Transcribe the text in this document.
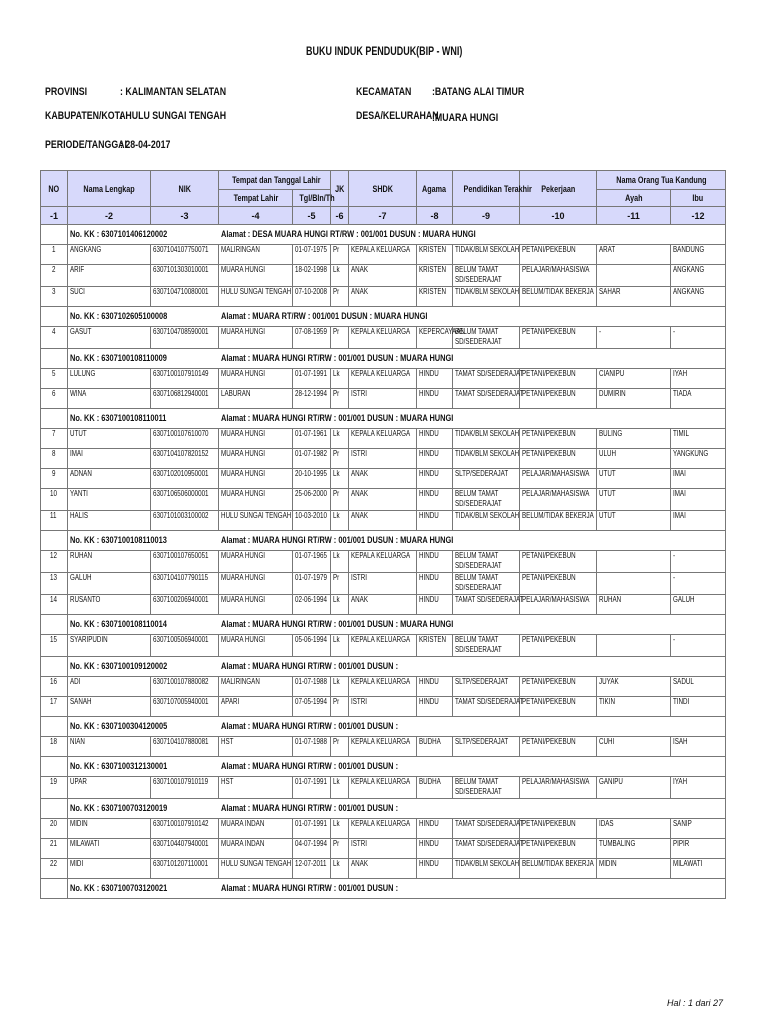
BUKU INDUK PENDUDUK(BIP - WNI)
PROVINSI	: KALIMANTAN SELATAN
KABUPATEN/KOTA
: HULU SUNGAI TENGAH
PERIODE/TANGGAL
: 28-04-2017
KECAMATAN	:BATANG ALAI TIMUR
DESA/KELURAHAN
:MUARA HUNGI
NO	Nama Lengkap	NIK	Tempat dan Tanggal Lahir		JK	SHDK	Agama	Pendidikan Terakhir	Pekerjaan	Nama Orang Tua Kandung	
			Tempat Lahir	Tgl/Bln/Th						Ayah	Ibu
-1	-2	-3	-4	-5	-6	-7	-8	-9	-10	-11	-12
	No. KK : 6307101406120002		Alamat : DESA MUARA HUNGI RT/RW : 001/001 DUSUN : MUARA HUNGI								
1	ANGKANG	6307104107750071	MALIRINGAN	01-07-1975	Pr	KEPALA KELUARGA	KRISTEN	TIDAK/BLM SEKOLAH	PETANI/PEKEBUN	ARAT	BANDUNG
2	ARIF	6307101303010001	MUARA HUNGI	18-02-1998	Lk	ANAK	KRISTEN	BELUM TAMAT SD/SEDERAJAT	PELAJAR/MAHASISWA		ANGKANG
3	SUCI	6307104710080001	HULU SUNGAI TENGAH	07-10-2008	Pr	ANAK	KRISTEN	TIDAK/BLM SEKOLAH	BELUM/TIDAK BEKERJA	SAHAR	ANGKANG
	No. KK : 6307102605100008		Alamat : MUARA RT/RW : 001/001 DUSUN : MUARA HUNGI								
4	GASUT	6307104708590001	MUARA HUNGI	07-08-1959	Pr	KEPALA KELUARGA	KEPERCAYAAN	BELUM TAMAT SD/SEDERAJAT	PETANI/PEKEBUN	-	-
	No. KK : 6307100108110009		Alamat : MUARA HUNGI RT/RW : 001/001 DUSUN : MUARA HUNGI								
5	LULUNG	6307100107910149	MUARA HUNGI	01-07-1991	Lk	KEPALA KELUARGA	HINDU	TAMAT SD/SEDERAJAT	PETANI/PEKEBUN	CIANIPU	IYAH
6	WINA	6307106812940001	LABURAN	28-12-1994	Pr	ISTRI	HINDU	TAMAT SD/SEDERAJAT	PETANI/PEKEBUN	DUMIRIN	TIADA
	No. KK : 6307100108110011		Alamat : MUARA HUNGI RT/RW : 001/001 DUSUN : MUARA HUNGI								
7	UTUT	6307100107610070	MUARA HUNGI	01-07-1961	Lk	KEPALA KELUARGA	HINDU	TIDAK/BLM SEKOLAH	PETANI/PEKEBUN	BULING	TIMIL
8	IMAI	6307104107820152	MUARA HUNGI	01-07-1982	Pr	ISTRI	HINDU	TIDAK/BLM SEKOLAH	PETANI/PEKEBUN	ULUH	YANGKUNG
9	ADNAN	6307102010950001	MUARA HUNGI	20-10-1995	Lk	ANAK	HINDU	SLTP/SEDERAJAT	PELAJAR/MAHASISWA	UTUT	IMAI
10	YANTI	6307106506000001	MUARA HUNGI	25-06-2000	Pr	ANAK	HINDU	BELUM TAMAT SD/SEDERAJAT	PELAJAR/MAHASISWA	UTUT	IMAI
11	HALIS	6307101003100002	HULU SUNGAI TENGAH	10-03-2010	Lk	ANAK	HINDU	TIDAK/BLM SEKOLAH	BELUM/TIDAK BEKERJA	UTUT	IMAI
	No. KK : 6307100108110013		Alamat : MUARA HUNGI RT/RW : 001/001 DUSUN : MUARA HUNGI								
12	RUHAN	6307100107650051	MUARA HUNGI	01-07-1965	Lk	KEPALA KELUARGA	HINDU	BELUM TAMAT SD/SEDERAJAT	PETANI/PEKEBUN		-
13	GALUH	6307104107790115	MUARA HUNGI	01-07-1979	Pr	ISTRI	HINDU	BELUM TAMAT SD/SEDERAJAT	PETANI/PEKEBUN		-
14	RUSANTO	6307100206940001	MUARA HUNGI	02-06-1994	Lk	ANAK	HINDU	TAMAT SD/SEDERAJAT	PELAJAR/MAHASISWA	RUHAN	GALUH
	No. KK : 6307100108110014		Alamat : MUARA HUNGI RT/RW : 001/001 DUSUN : MUARA HUNGI								
15	SYARIPUDIN	6307100506940001	MUARA HUNGI	05-06-1994	Lk	KEPALA KELUARGA	KRISTEN	BELUM TAMAT SD/SEDERAJAT	PETANI/PEKEBUN		-
	No. KK : 6307100109120002		Alamat : MUARA HUNGI RT/RW : 001/001 DUSUN :								
16	ADI	6307100107880082	MALIRINGAN	01-07-1988	Lk	KEPALA KELUARGA	HINDU	SLTP/SEDERAJAT	PETANI/PEKEBUN	JUYAK	SADUL
17	SANAH	6307107005940001	APARI	07-05-1994	Pr	ISTRI	HINDU	TAMAT SD/SEDERAJAT	PETANI/PEKEBUN	TIKIN	TINDI
	No. KK : 6307100304120005		Alamat : MUARA HUNGI RT/RW : 001/001 DUSUN :								
18	NIAN	6307104107880081	HST	01-07-1988	Pr	KEPALA KELUARGA	BUDHA	SLTP/SEDERAJAT	PETANI/PEKEBUN	CUHI	ISAH
	No. KK : 6307100312130001		Alamat : MUARA HUNGI RT/RW : 001/001 DUSUN :								
19	UPAR	6307100107910119	HST	01-07-1991	Lk	KEPALA KELUARGA	BUDHA	BELUM TAMAT SD/SEDERAJAT	PELAJAR/MAHASISWA	GANIPU	IYAH
	No. KK : 6307100703120019		Alamat : MUARA HUNGI RT/RW : 001/001 DUSUN :								
20	MIDIN	6307100107910142	MUARA INDAN	01-07-1991	Lk	KEPALA KELUARGA	HINDU	TAMAT SD/SEDERAJAT	PETANI/PEKEBUN	IDAS	SANIP
21	MILAWATI	6307104407940001	MUARA INDAN	04-07-1994	Pr	ISTRI	HINDU	TAMAT SD/SEDERAJAT	PETANI/PEKEBUN	TUMBALING	PIPIR
22	MIDI	6307101207110001	HULU SUNGAI TENGAH	12-07-2011	Lk	ANAK	HINDU	TIDAK/BLM SEKOLAH	BELUM/TIDAK BEKERJA	MIDIN	MILAWATI
	No. KK : 6307100703120021		Alamat : MUARA HUNGI RT/RW : 001/001 DUSUN :								
Hal : 1 dari 27
